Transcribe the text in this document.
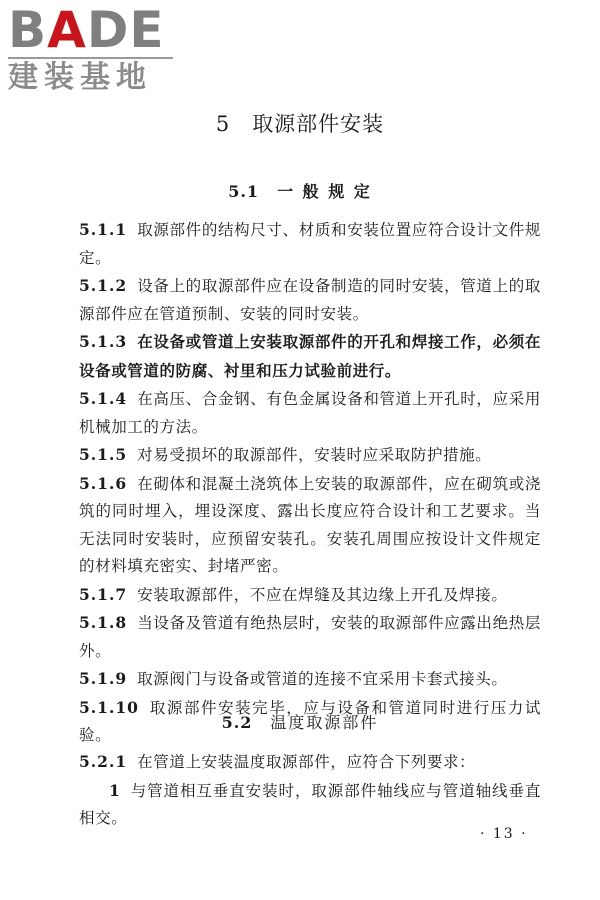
BADE
建装基地
5 取源部件安装
5.1 一 般 规 定

5.1.1 取源部件的结构尺寸、材质和安装位置应符合设计文件规定。

5.1.2 设备上的取源部件应在设备制造的同时安装，管道上的取源部件应在管道预制、安装的同时安装。

5.1.3 在设备或管道上安装取源部件的开孔和焊接工作，必须在设备或管道的防腐、衬里和压力试验前进行。

5.1.4 在高压、合金钢、有色金属设备和管道上开孔时，应采用机械加工的方法。

5.1.5 对易受损坏的取源部件，安装时应采取防护措施。

5.1.6 在砌体和混凝土浇筑体上安装的取源部件，应在砌筑或浇筑的同时埋入，埋设深度、露出长度应符合设计和工艺要求。当无法同时安装时，应预留安装孔。安装孔周围应按设计文件规定的材料填充密实、封堵严密。

5.1.7 安装取源部件，不应在焊缝及其边缘上开孔及焊接。

5.1.8 当设备及管道有绝热层时，安装的取源部件应露出绝热层外。

5.1.9 取源阀门与设备或管道的连接不宜采用卡套式接头。

5.1.10 取源部件安装完毕，应与设备和管道同时进行压力试验。

5.2 温度取源部件

5.2.1 在管道上安装温度取源部件，应符合下列要求：

1 与管道相互垂直安装时，取源部件轴线应与管道轴线垂直相交。

· 13 ·
